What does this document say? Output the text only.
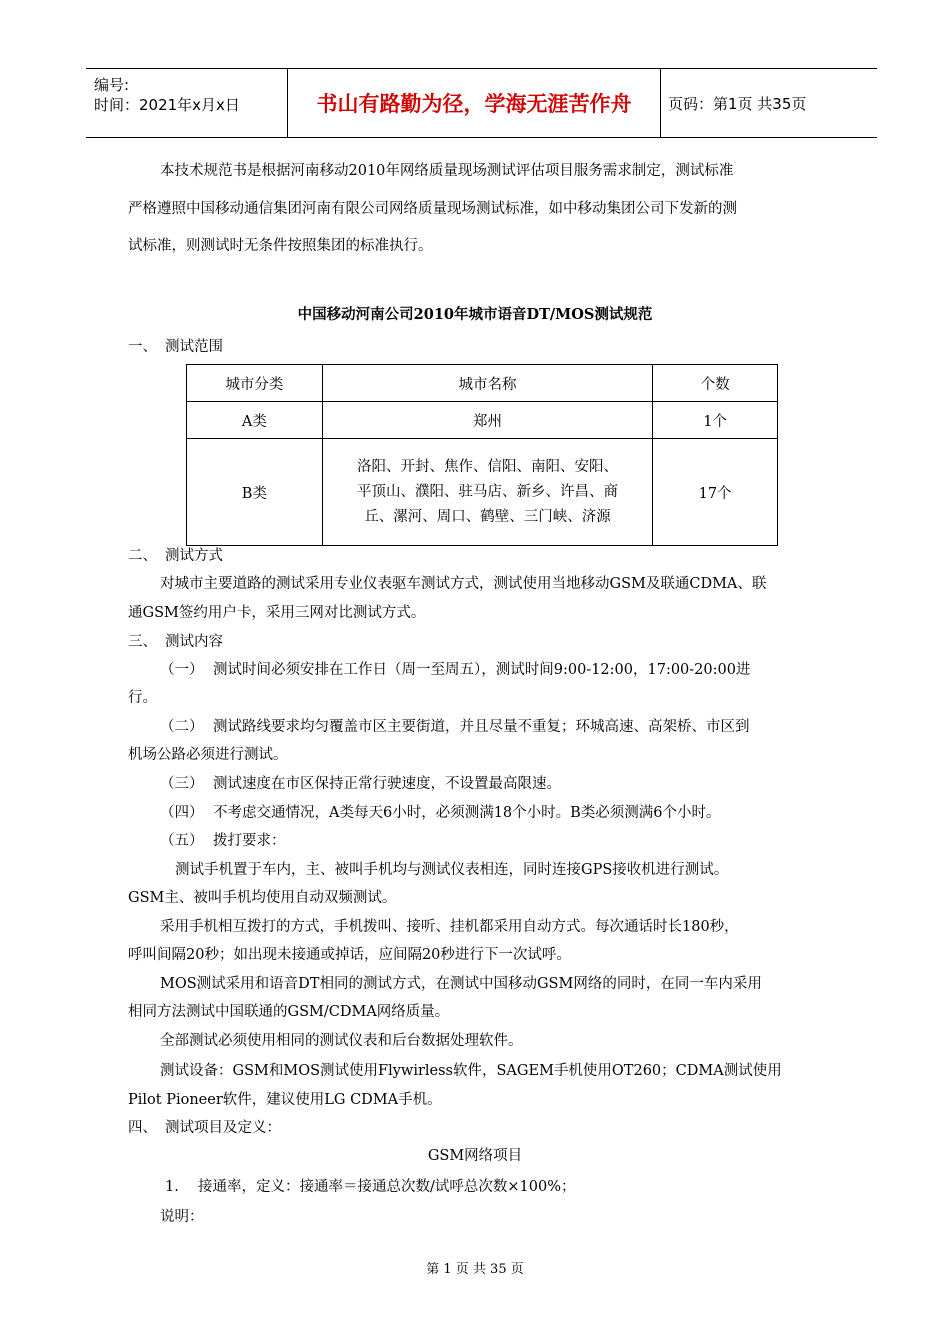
编号:
时间：2021年x月x日	书山有路勤为径，学海无涯苦作舟	页码：第1页 共35页
本技术规范书是根据河南移动2010年网络质量现场测试评估项目服务需求制定，测试标准
严格遵照中国移动通信集团河南有限公司网络质量现场测试标准，如中移动集团公司下发新的测
试标准，则测试时无条件按照集团的标准执行。
中国移动河南公司2010年城市语音DT/MOS测试规范
一、 测试范围
城市分类	城市名称	个数
A类	郑州	1个
B类	洛阳、开封、焦作、信阳、南阳、安阳、
平顶山、濮阳、驻马店、新乡、许昌、商
丘、漯河、周口、鹤壁、三门峡、济源	17个
二、 测试方式
对城市主要道路的测试采用专业仪表驱车测试方式，测试使用当地移动GSM及联通CDMA、联
通GSM签约用户卡，采用三网对比测试方式。
三、 测试内容
（一） 测试时间必须安排在工作日（周一至周五），测试时间9:00-12:00，17:00-20:00进
行。
（二） 测试路线要求均匀覆盖市区主要街道，并且尽量不重复；环城高速、高架桥、市区到
机场公路必须进行测试。
（三） 测试速度在市区保持正常行驶速度，不设置最高限速。
（四） 不考虑交通情况，A类每天6小时，必须测满18个小时。B类必须测满6个小时。
（五） 拨打要求：
测试手机置于车内，主、被叫手机均与测试仪表相连，同时连接GPS接收机进行测试。
GSM主、被叫手机均使用自动双频测试。
采用手机相互拨打的方式，手机拨叫、接听、挂机都采用自动方式。每次通话时长180秒，
呼叫间隔20秒；如出现未接通或掉话，应间隔20秒进行下一次试呼。
MOS测试采用和语音DT相同的测试方式，在测试中国移动GSM网络的同时，在同一车内采用
相同方法测试中国联通的GSM/CDMA网络质量。
全部测试必须使用相同的测试仪表和后台数据处理软件。
测试设备：GSM和MOS测试使用Flywirless软件，SAGEM手机使用OT260；CDMA测试使用
Pilot Pioneer软件，建议使用LG CDMA手机。
四、 测试项目及定义：
GSM网络项目
1. 接通率，定义：接通率＝接通总次数/试呼总次数×100%；
说明：
第 1 页 共 35 页
